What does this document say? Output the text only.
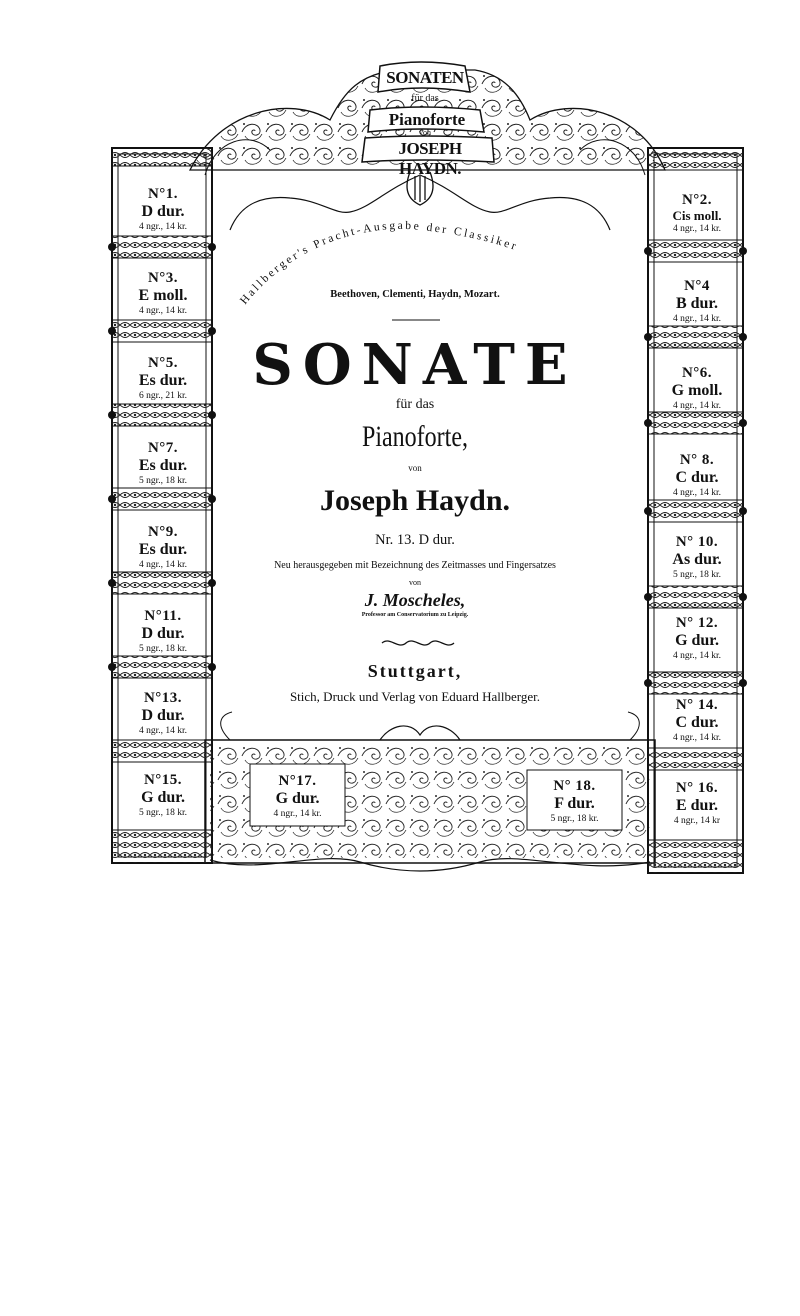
SONATEN
für das
Pianoforte
von
JOSEPH HAYDN.
Hallberger's Pracht-Ausgabe der Classiker
Beethoven, Clementi, Haydn, Mozart.
SONATE
für das
Pianoforte,
von
Joseph Haydn.
Nr. 13. D dur.
Neu herausgegeben mit Bezeichnung des Zeitmasses und Fingersatzes
von
J. Moscheles,
Professor am Conservatorium zu Leipzig.
Stuttgart,
Stich, Druck und Verlag von Eduard Hallberger.
N°1.
D dur.
4 ngr., 14 kr.
N°3.
E moll.
4 ngr., 14 kr.
N°5.
Es dur.
6 ngr., 21 kr.
N°7.
Es dur.
5 ngr., 18 kr.
N°9.
Es dur.
4 ngr., 14 kr.
N°11.
D dur.
5 ngr., 18 kr.
N°13.
D dur.
4 ngr., 14 kr.
N°15.
G dur.
5 ngr., 18 kr.
N°2.
Cis moll.
4 ngr., 14 kr.
N°4
B dur.
4 ngr., 14 kr.
N°6.
G moll.
4 ngr., 14 kr.
N° 8.
C dur.
4 ngr., 14 kr.
N° 10.
As dur.
5 ngr., 18 kr.
N° 12.
G dur.
4 ngr., 14 kr.
N° 14.
C dur.
4 ngr., 14 kr.
N° 16.
E dur.
4 ngr., 14 kr
N°17.
G dur.
4 ngr., 14 kr.
N° 18.
F dur.
5 ngr., 18 kr.
